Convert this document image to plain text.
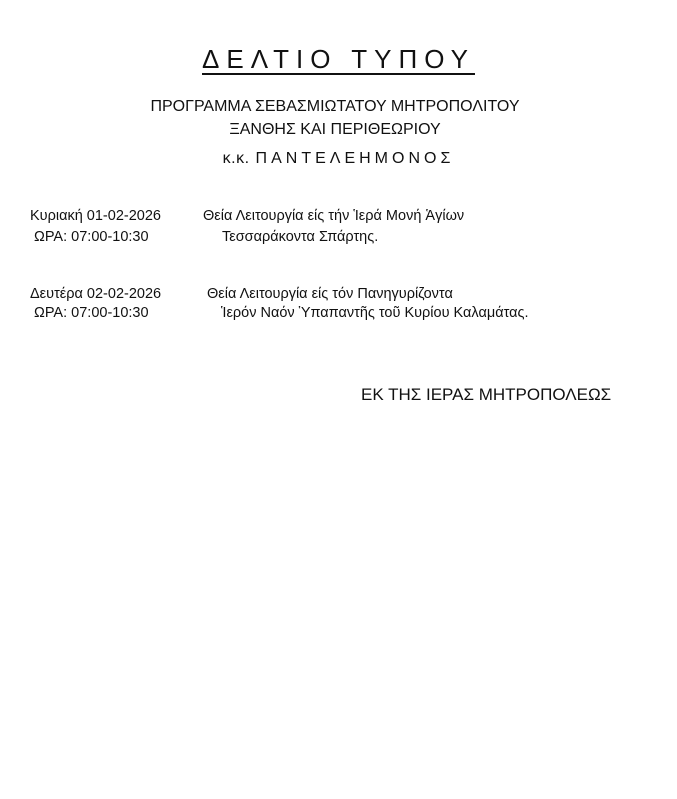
ΔΕΛΤΙΟ ΤΥΠΟΥ
ΠΡΟΓΡΑΜΜΑ ΣΕΒΑΣΜΙΩΤΑΤΟΥ ΜΗΤΡΟΠΟΛΙΤΟΥ
ΞΑΝΘΗΣ ΚΑΙ ΠΕΡΙΘΕΩΡΙΟΥ
κ.κ. ΠΑΝΤΕΛΕΗΜΟΝΟΣ
Κυριακή 01-02-2026
ΩΡΑ: 07:00-10:30
Θεία Λειτουργία είς τήν Ἱερά Μονή Ἁγίων
Τεσσαράκοντα Σπάρτης.
Δευτέρα 02-02-2026
ΩΡΑ: 07:00-10:30
Θεία Λειτουργία είς τόν Πανηγυρίζοντα
Ἱερόν Ναόν Ὑπαπαντῆς τοῦ Κυρίου Καλαμάτας.
ΕΚ ΤΗΣ ΙΕΡΑΣ ΜΗΤΡΟΠΟΛΕΩΣ
